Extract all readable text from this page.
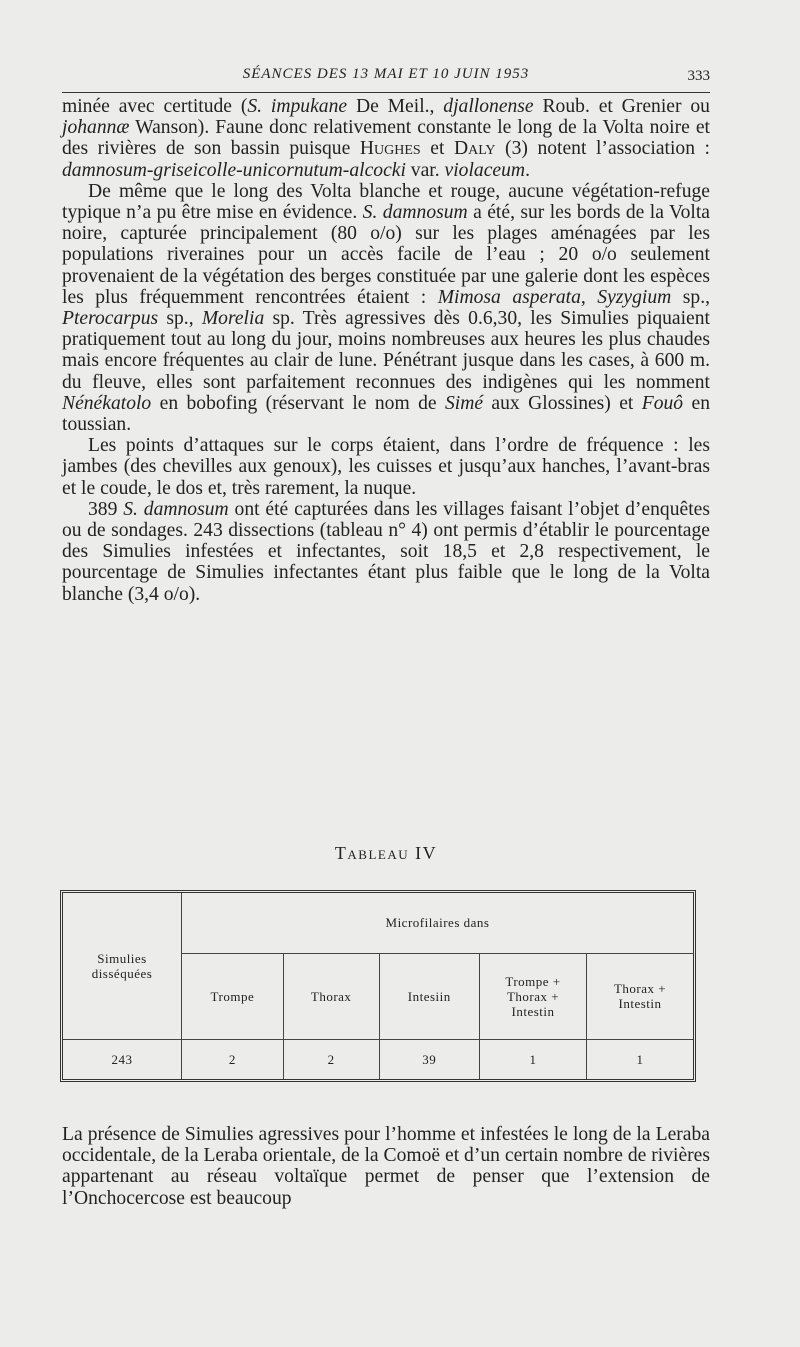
SÉANCES DES 13 MAI ET 10 JUIN 1953	333

minée avec certitude (S. impukane De Meil., djallonense Roub. et Grenier ou johannæ Wanson). Faune donc relativement constante le long de la Volta noire et des rivières de son bassin puisque Hughes et Daly (3) notent l’association : damnosum-griseicolle-unicornutum-alcocki var. violaceum.

De même que le long des Volta blanche et rouge, aucune végétation-refuge typique n’a pu être mise en évidence. S. damnosum a été, sur les bords de la Volta noire, capturée principalement (80 o/o) sur les plages aménagées par les populations riveraines pour un accès facile de l’eau ; 20 o/o seulement provenaient de la végétation des berges constituée par une galerie dont les espèces les plus fréquemment rencontrées étaient : Mimosa asperata, Syzygium sp., Pterocarpus sp., Morelia sp. Très agressives dès 0.6,30, les Simulies piquaient pratiquement tout au long du jour, moins nombreuses aux heures les plus chaudes mais encore fréquentes au clair de lune. Pénétrant jusque dans les cases, à 600 m. du fleuve, elles sont parfaitement reconnues des indigènes qui les nomment Nénékatolo en bobofing (réservant le nom de Simé aux Glossines) et Fouô en toussian.

Les points d’attaques sur le corps étaient, dans l’ordre de fréquence : les jambes (des chevilles aux genoux), les cuisses et jusqu’aux hanches, l’avant-bras et le coude, le dos et, très rarement, la nuque.

389 S. damnosum ont été capturées dans les villages faisant l’objet d’enquêtes ou de sondages. 243 dissections (tableau n° 4) ont permis d’établir le pourcentage des Simulies infestées et infectantes, soit 18,5 et 2,8 respectivement, le pourcentage de Simulies infectantes étant plus faible que le long de la Volta blanche (3,4 o/o).

Tableau IV
Simulies disséquées	Microfilaires dans				
	Trompe	Thorax	Intesiin	Trompe + Thorax + Intestin	Thorax + Intestin
243	2	2	39	1	1

La présence de Simulies agressives pour l’homme et infestées le long de la Leraba occidentale, de la Leraba orientale, de la Comoë et d’un certain nombre de rivières appartenant au réseau voltaïque permet de penser que l’extension de l’Onchocercose est beaucoup
